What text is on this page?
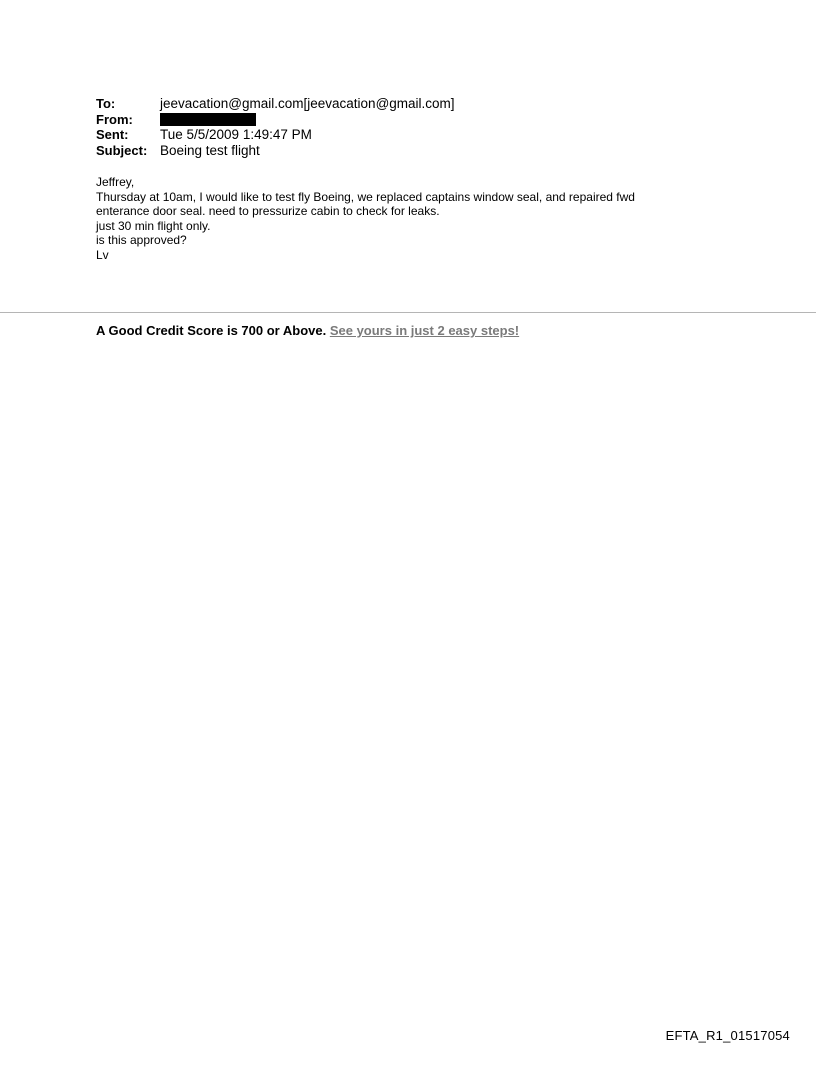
To:	jeevacation@gmail.com[jeevacation@gmail.com]
From:
Sent:	Tue 5/5/2009 1:49:47 PM
Subject: Boeing test flight
Jeffrey,
Thursday at 10am, I would like to test fly Boeing, we replaced captains window seal, and repaired fwd
enterance door seal. need to pressurize cabin to check for leaks.
just 30 min flight only.
is this approved?
Lv
A Good Credit Score is 700 or Above. See yours in just 2 easy steps!
EFTA_R1_01517054
